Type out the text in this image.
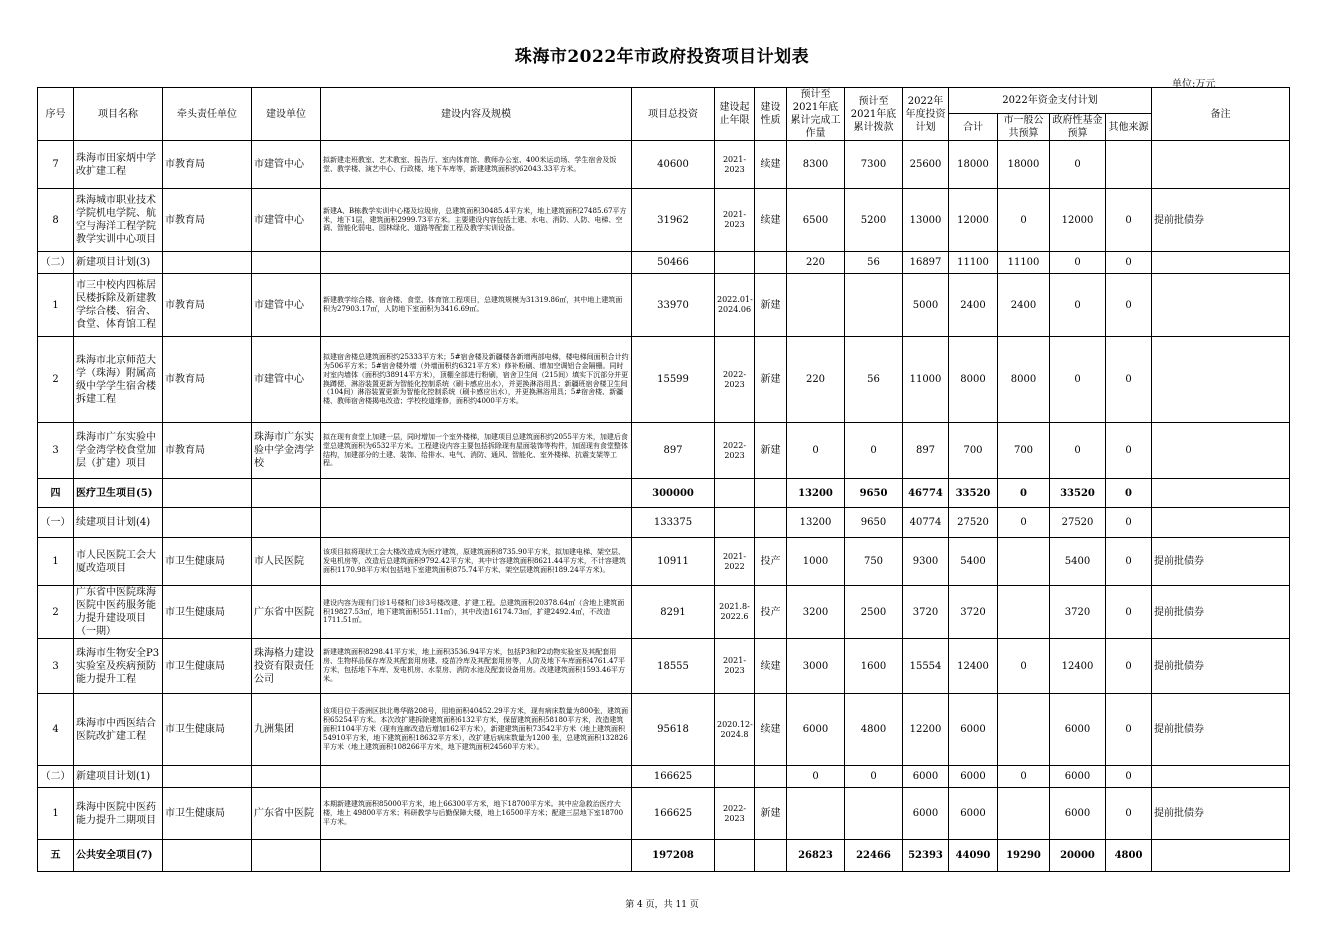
珠海市2022年市政府投资项目计划表
单位:万元
序号	项目名称	牵头责任单位	建设单位	建设内容及规模	项目总投资	建设起止年限	建设性质	预计至2021年底累计完成工作量	预计至2021年底累计拨款	2022年年度投资计划	2022年资金支付计划				备注
											合计	市一般公共预算	政府性基金预算	其他来源	
7	珠海市田家炳中学改扩建工程	市教育局	市建管中心	拟新建走班教室、艺术教室、报告厅、室内体育馆、教师办公室、400米运动场、学生宿舍及饭堂、教学楼、演艺中心、行政楼、地下车库等，新建建筑面积约62043.33平方米。	40600	2021-2023	续建	8300	7300	25600	18000	18000	0		
8	珠海城市职业技术学院机电学院、航空与海洋工程学院教学实训中心项目	市教育局	市建管中心	新建A、B栋教学实训中心楼及垃圾房，总建筑面积30485.4平方米，地上建筑面积27485.67平方米，地下1层，建筑面积2999.73平方米。主要建设内容包括土建、水电、消防、人防、电梯、空调、智能化弱电、园林绿化、道路等配套工程及教学实训设备。	31962	2021-2023	续建	6500	5200	13000	12000	0	12000	0	提前批债券
（二）	新建项目计划(3)				50466			220	56	16897	11100	11100	0	0	
1	市三中校内四栋居民楼拆除及新建教学综合楼、宿舍、食堂、体育馆工程	市教育局	市建管中心	新建教学综合楼、宿舍楼、食堂、体育馆工程项目，总建筑规模为31319.86㎡，其中地上建筑面积为27903.17㎡，人防地下室面积为3416.69㎡。	33970	2022.01-2024.06	新建			5000	2400	2400	0	0	
2	珠海市北京师范大学（珠海）附属高级中学学生宿舍楼拆建工程	市教育局	市建管中心	拟建宿舍楼总建筑面积约25333平方米；5#宿舍楼及新疆楼各新增两部电梯，楼电梯间面积合计约为506平方米；5#宿舍楼外墙（外墙面积约6321平方米）修补粉刷、增加空调铝合金隔栅。同时对室内墙体（面积约38914平方米），顶棚全部进行粉刷，宿舍卫生间（215间）填实下沉部分并更换蹲便、淋浴装置更新为智能化控制系统（刷卡感应出水），并更换淋浴用具；新疆班宿舍楼卫生间（104间）淋浴装置更新为智能化控制系统（刷卡感应出水），并更换淋浴用具；5#宿舍楼、新疆楼、教师宿舍楼揭电改造；学校校道维修，面积约4000平方米。	15599	2022-2023	新建	220	56	11000	8000	8000	0	0	
3	珠海市广东实验中学金湾学校食堂加层（扩建）项目	市教育局	珠海市广东实验中学金湾学校	拟在现有食堂上加建一层，同时增加一个室外楼梯，加建项目总建筑面积约2055平方米，加建后食堂总建筑面积为6532平方米。工程建设内容主要包括拆除现有屋面装饰等构件，加固现有食堂整体结构，加建部分的土建、装饰、给排水、电气、消防、通风、智能化、室外楼梯、抗震支架等工程。	897	2022-2023	新建	0	0	897	700	700	0	0	
四	医疗卫生项目(5)				300000			13200	9650	46774	33520	0	33520	0	
（一）	续建项目计划(4)				133375			13200	9650	40774	27520	0	27520	0	
1	市人民医院工会大厦改造项目	市卫生健康局	市人民医院	该项目拟将现状工会大楼改造成为医疗建筑，原建筑面积8735.90平方米，拟加建电梯、架空层、发电机房等，改造后总建筑面积9792.42平方米，其中计容建筑面积8621.44平方米，不计容建筑面积1170.98平方米(包括地下室建筑面积875.74平方米、架空层建筑面积189.24平方米)。	10911	2021-2022	投产	1000	750	9300	5400		5400	0	提前批债券
2	广东省中医院珠海医院中医药服务能力提升建设项目（一期）	市卫生健康局	广东省中医院	建设内容为现有门诊1号楼和门诊3号楼改建、扩建工程。总建筑面积20378.64㎡（含地上建筑面积19827.53㎡，地下建筑面积551.11㎡），其中改造16174.73㎡，扩建2492.4㎡，不改造1711.51㎡。	8291	2021.8-2022.6	投产	3200	2500	3720	3720		3720	0	提前批债券
3	珠海市生物安全P3实验室及疾病预防能力提升工程	市卫生健康局	珠海格力建设投资有限责任公司	新建建筑面积8298.41平方米，地上面积3536.94平方米，包括P3和P2动物实验室及其配套用房、生物样品保存库及其配套用房建、疫苗冷库及其配套用房等，人防及地下车库面积4761.47平方米，包括地下车库、发电机房、水泵房、消防水池及配套设备用房。改建建筑面积1593.46平方米。	18555	2021-2023	续建	3000	1600	15554	12400	0	12400	0	提前批债券
4	珠海市中西医结合医院改扩建工程	市卫生健康局	九洲集团	该项目位于香洲区拱北粤华路208号，用地面积40452.29平方米，现有病床数量为800张，建筑面积65254平方米。本次改扩建拆除建筑面积6132平方米，保留建筑面积58180平方米，改造建筑面积1104平方米（现有连廊改造后增加162平方米），新建建筑面积73542平方米（地上建筑面积54910平方米，地下建筑面积18632平方米），改扩建后病床数量为1200 张，总建筑面积132826平方米（地上建筑面积108266平方米，地下建筑面积24560平方米）。	95618	2020.12-2024.8	续建	6000	4800	12200	6000		6000	0	提前批债券
（二）	新建项目计划(1)				166625			0	0	6000	6000	0	6000	0	
1	珠海中医院中医药能力提升二期项目	市卫生健康局	广东省中医院	本期新建建筑面积85000平方米，地上66300平方米，地下18700平方米。其中应急救治医疗大楼，地上 49800平方米；科研教学与后勤保障大楼，地上16500平方米；配建三层地下室18700平方米。	166625	2022-2023	新建			6000	6000		6000	0	提前批债券
五	公共安全项目(7)				197208			26823	22466	52393	44090	19290	20000	4800	
第 4 页，共 11 页
